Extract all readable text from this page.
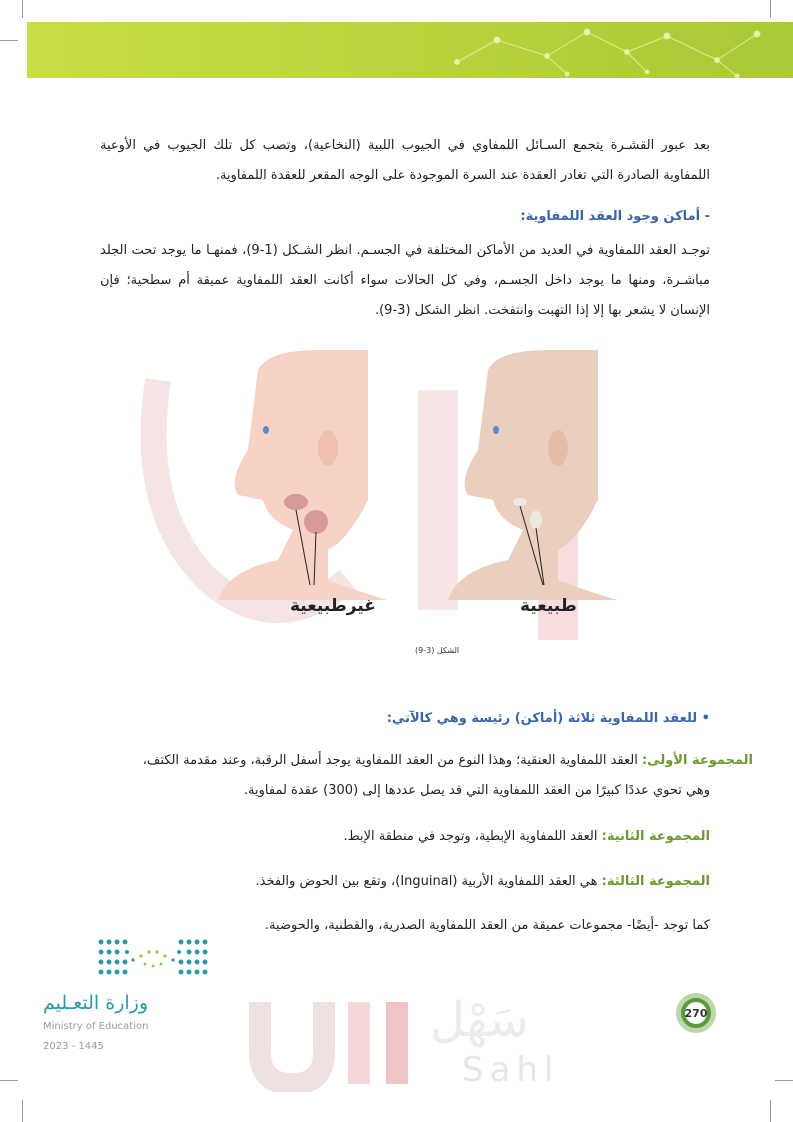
بعد عبور القشـرة يتجمع السـائل اللمفاوي في الجيوب اللبية (النخاعية)، وتصب كل تلك الجيوب في الأوعية اللمفاوية الصادرة التي تغادر العقدة عند السرة الموجودة على الوجه المقعر للعقدة اللمفاوية.
- أماكن وجود العقد اللمفاوية:
توجـد العقد اللمفاوية في العديد من الأماكن المختلفة في الجسـم. انظر الشـكل (1-9)، فمنهـا ما يوجد تحت الجلد مباشـرة، ومنها ما يوجد داخل الجسـم، وفي كل الحالات سواء أكانت العقد اللمفاوية عميقة أم سطحية؛ فإن الإنسان لا يشعر بها إلا إذا التهبت وانتفخت. انظر الشكل (3-9).
غيرطبيعية	طبيعية
الشكل (3-9)
• للعقد اللمفاوية ثلاثة (أماكن) رئيسة وهي كالآتي:
المجموعة الأولى: العقد اللمفاوية العنقية؛ وهذا النوع من العقد اللمفاوية يوجد أسفل الرقبة، وعند مقدمة الكتف،
وهي تحوي عددًا كبيرًا من العقد اللمفاوية التي قد يصل عددها إلى (300) عقدة لمفاوية.
المجموعة الثانية: العقد اللمفاوية الإبطية، وتوجد في منطقة الإبط.
المجموعة الثالثة: هي العقد اللمفاوية الأربية (Inguinal)، وتقع بين الحوض والفخذ.
كما توجد -أيضًا- مجموعات عميقة من العقد اللمفاوية الصدرية، والقطنية، والحوضية.
وزارة التعـليم
Ministry of Education
2023 - 1445
270
سَهْل
Sahl
